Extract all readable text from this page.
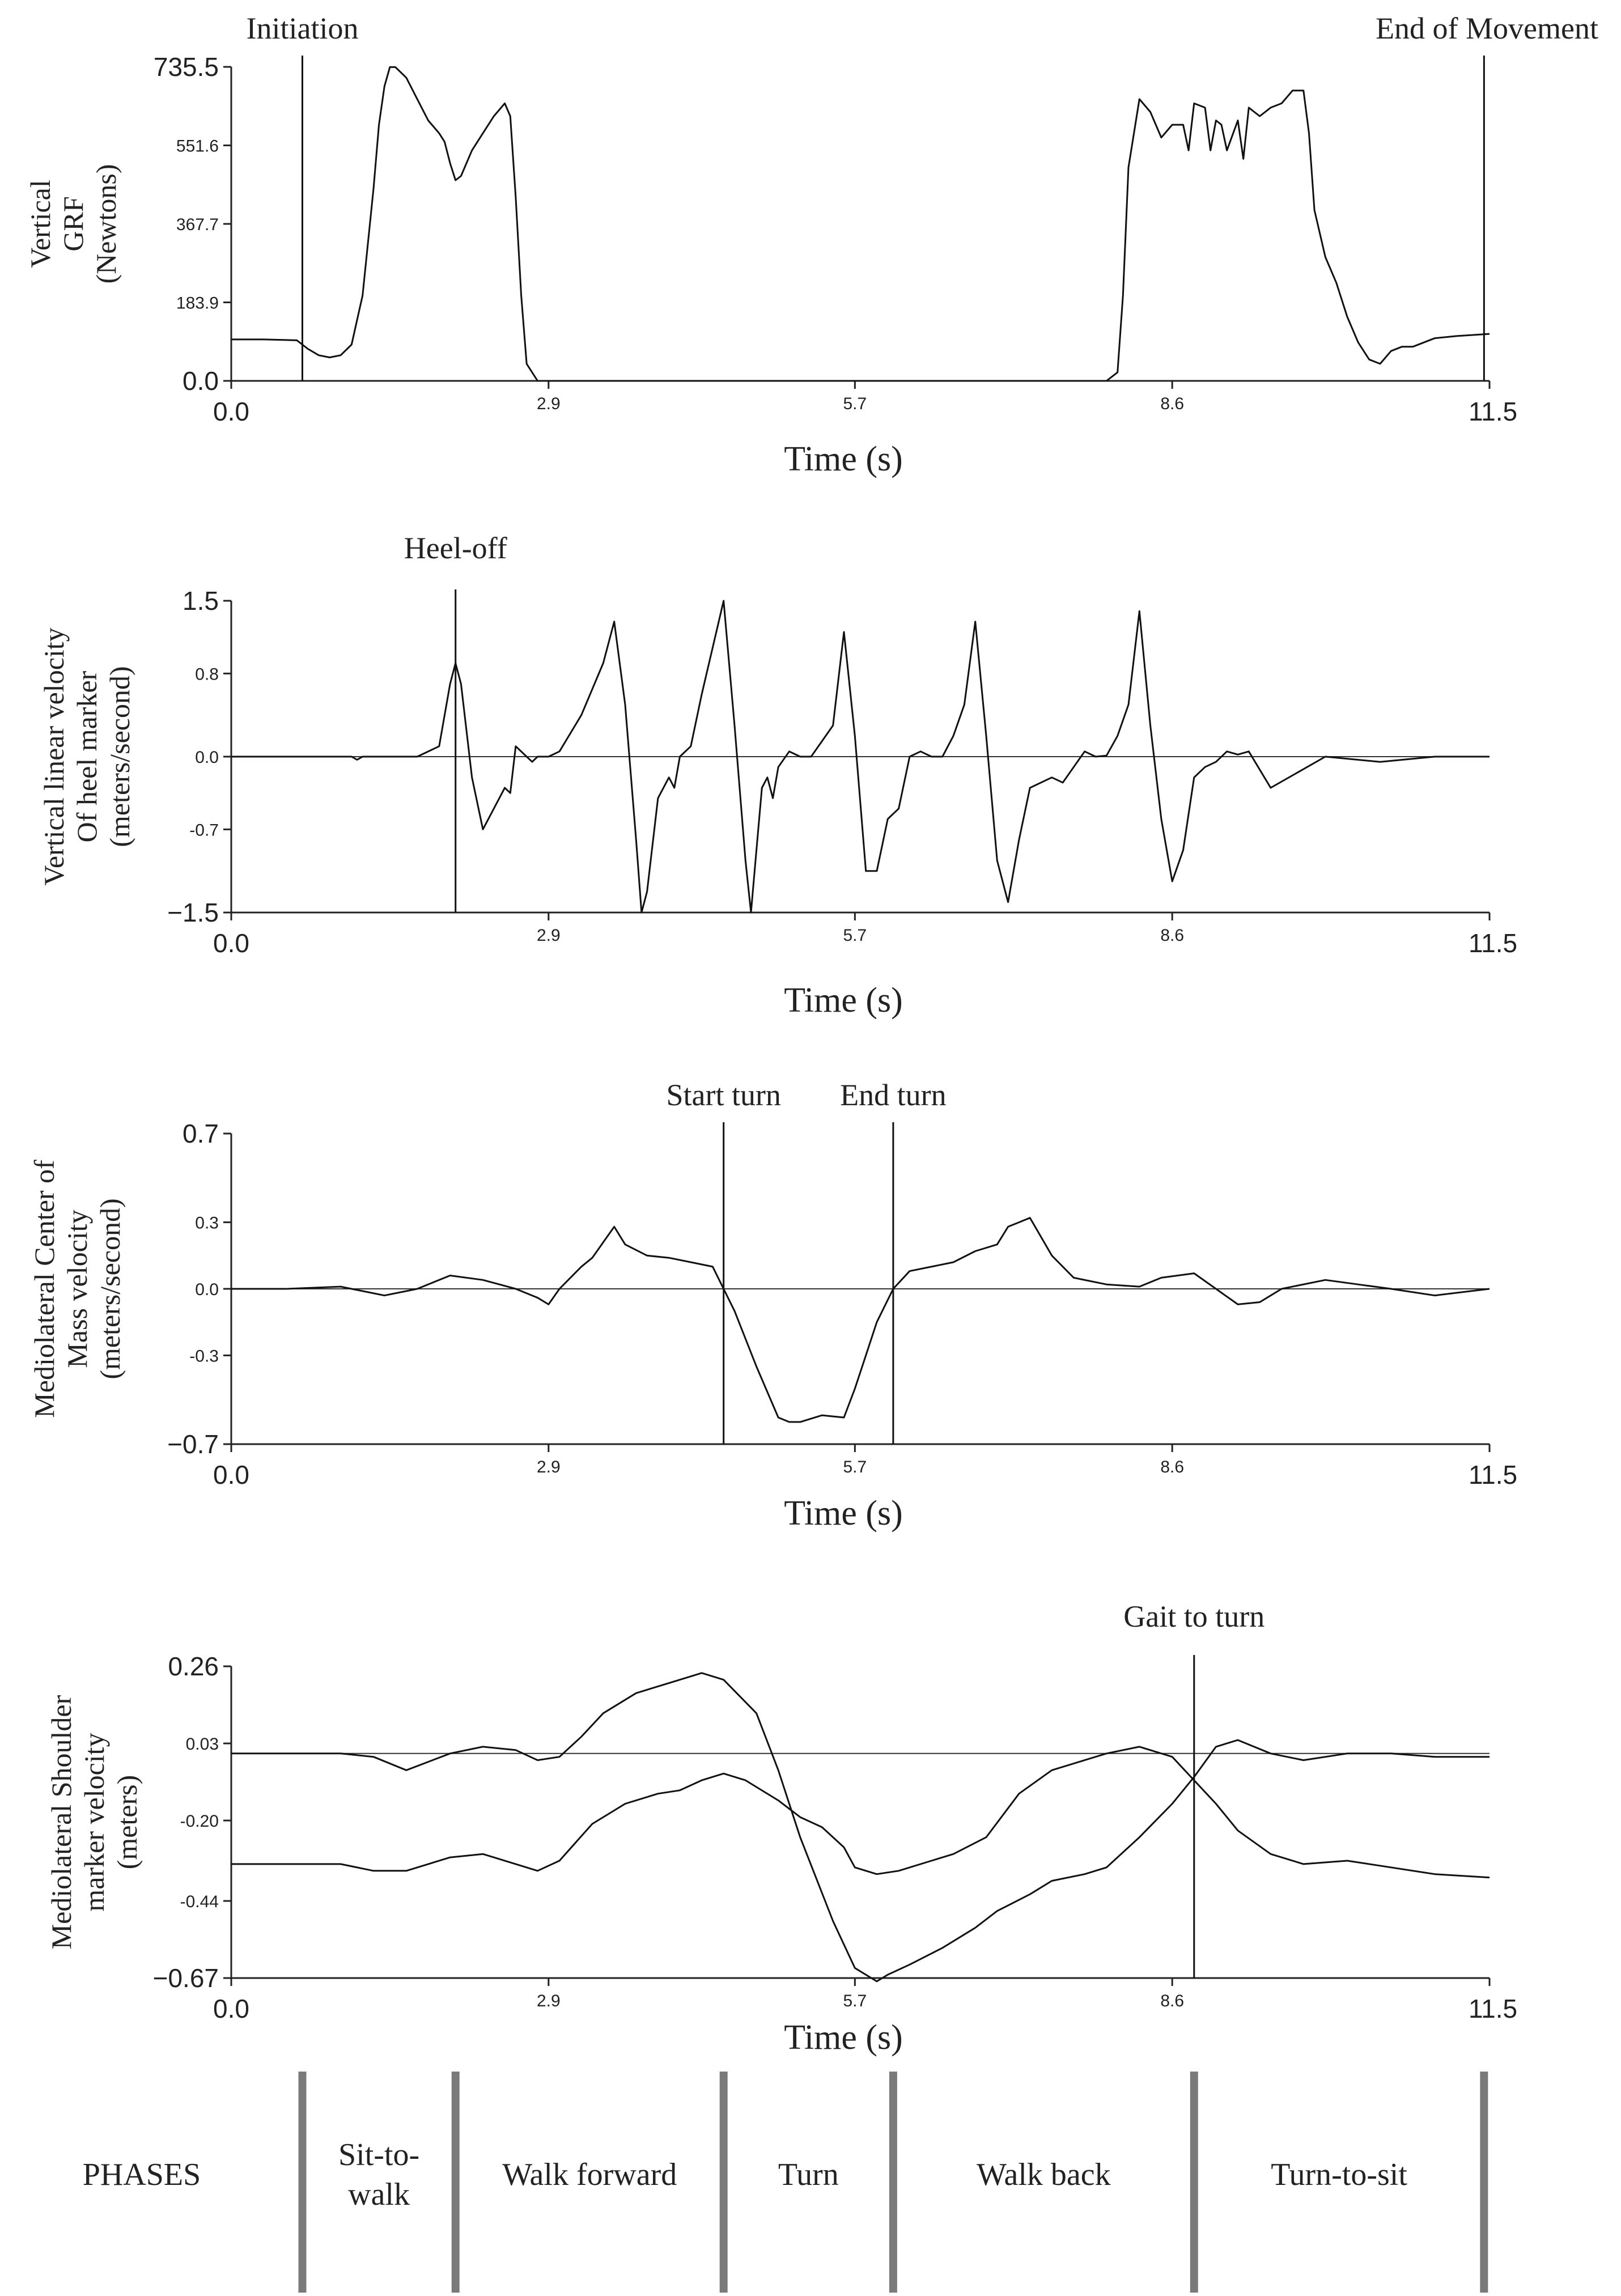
0.0
183.9
367.7
551.6
735.5
0.0	2.9	5.7	8.6	11.5
Time (s)
VerticalGRF(Newtons)
Initiation	End of Movement
−1.5
-0.7
0.0
0.8
1.5
0.0	2.9	5.7	8.6	11.5
Time (s)
Vertical linear velocityOf heel marker(meters/second)
Heel-off
−0.7
-0.3
0.0
0.3
0.7
0.0	2.9	5.7	8.6	11.5
Time (s)
Mediolateral Center ofMass velocity(meters/second)
Start turn End turn
−0.67
-0.44
-0.20
0.03
0.26
0.0	2.9	5.7	8.6	11.5
Time (s)
Mediolateral Shouldermarker velocity(meters)
Gait to turn
PHASES
Sit-to-walk
Walk forward	Turn	Walk back	Turn-to-sit
